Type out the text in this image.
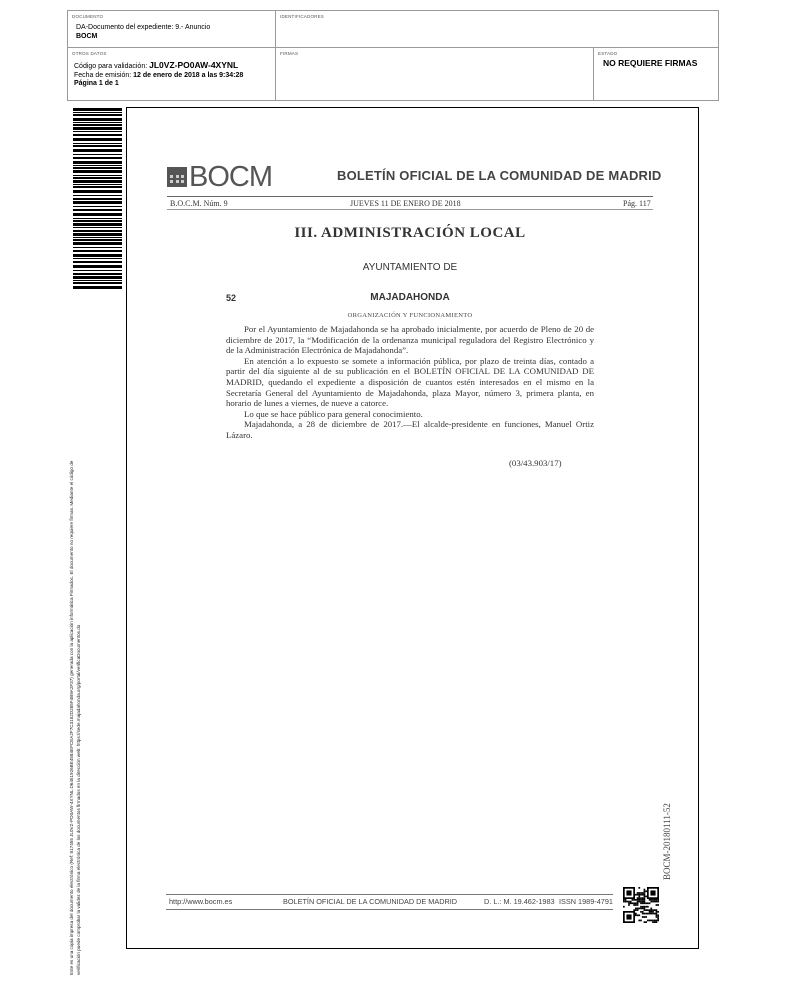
DOCUMENTO
DA-Documento del expediente: 9.- Anuncio
BOCM
IDENTIFICADORES
OTROS DATOS
Código para validación: JL0VZ-PO0AW-4XYNL
Fecha de emisión: 12 de enero de 2018 a las 9:34:28
Página 1 de 1
FIRMAS	ESTADO
NO REQUIERE FIRMAS
Este es una copia impresa del documento electrónico (Ref: 817455 JL0VZ-PO0AW-4XYNL D6451926BE4584EFCEA2F7C3152D285F4B9A2F37) generada con la aplicación informática Firmadoc. El documento no requiere firmas. Mediante el código de verificación puede comprobar la validez de la firma electrónica de los documentos firmados en la dirección web: https://sede.majadahonda.org/portal/verificaDocumentos.do
BOCM	BOLETÍN OFICIAL DE LA COMUNIDAD DE MADRID
B.O.C.M. Núm. 9	JUEVES 11 DE ENERO DE 2018	Pág. 117
III. ADMINISTRACIÓN LOCAL
AYUNTAMIENTO DE
52	MAJADAHONDA
ORGANIZACIÓN Y FUNCIONAMIENTO

Por el Ayuntamiento de Majadahonda se ha aprobado inicialmente, por acuerdo de Pleno de 20 de diciembre de 2017, la “Modificación de la ordenanza municipal reguladora del Registro Electrónico y de la Administración Electrónica de Majadahonda”.

En atención a lo expuesto se somete a información pública, por plazo de treinta días, contado a partir del día siguiente al de su publicación en el BOLETÍN OFICIAL DE LA COMUNIDAD DE MADRID, quedando el expediente a disposición de cuantos estén interesados en el mismo en la Secretaría General del Ayuntamiento de Majadahonda, plaza Mayor, número 3, primera planta, en horario de lunes a viernes, de nueve a catorce.

Lo que se hace público para general conocimiento.

Majadahonda, a 28 de diciembre de 2017.—El alcalde-presidente en funciones, Manuel Ortiz Lázaro.

(03/43.903/17)
BOCM-20180111-52
http://www.bocm.es	BOLETÍN OFICIAL DE LA COMUNIDAD DE MADRID	D. L.: M. 19.462-1983 ISSN 1989-4791
